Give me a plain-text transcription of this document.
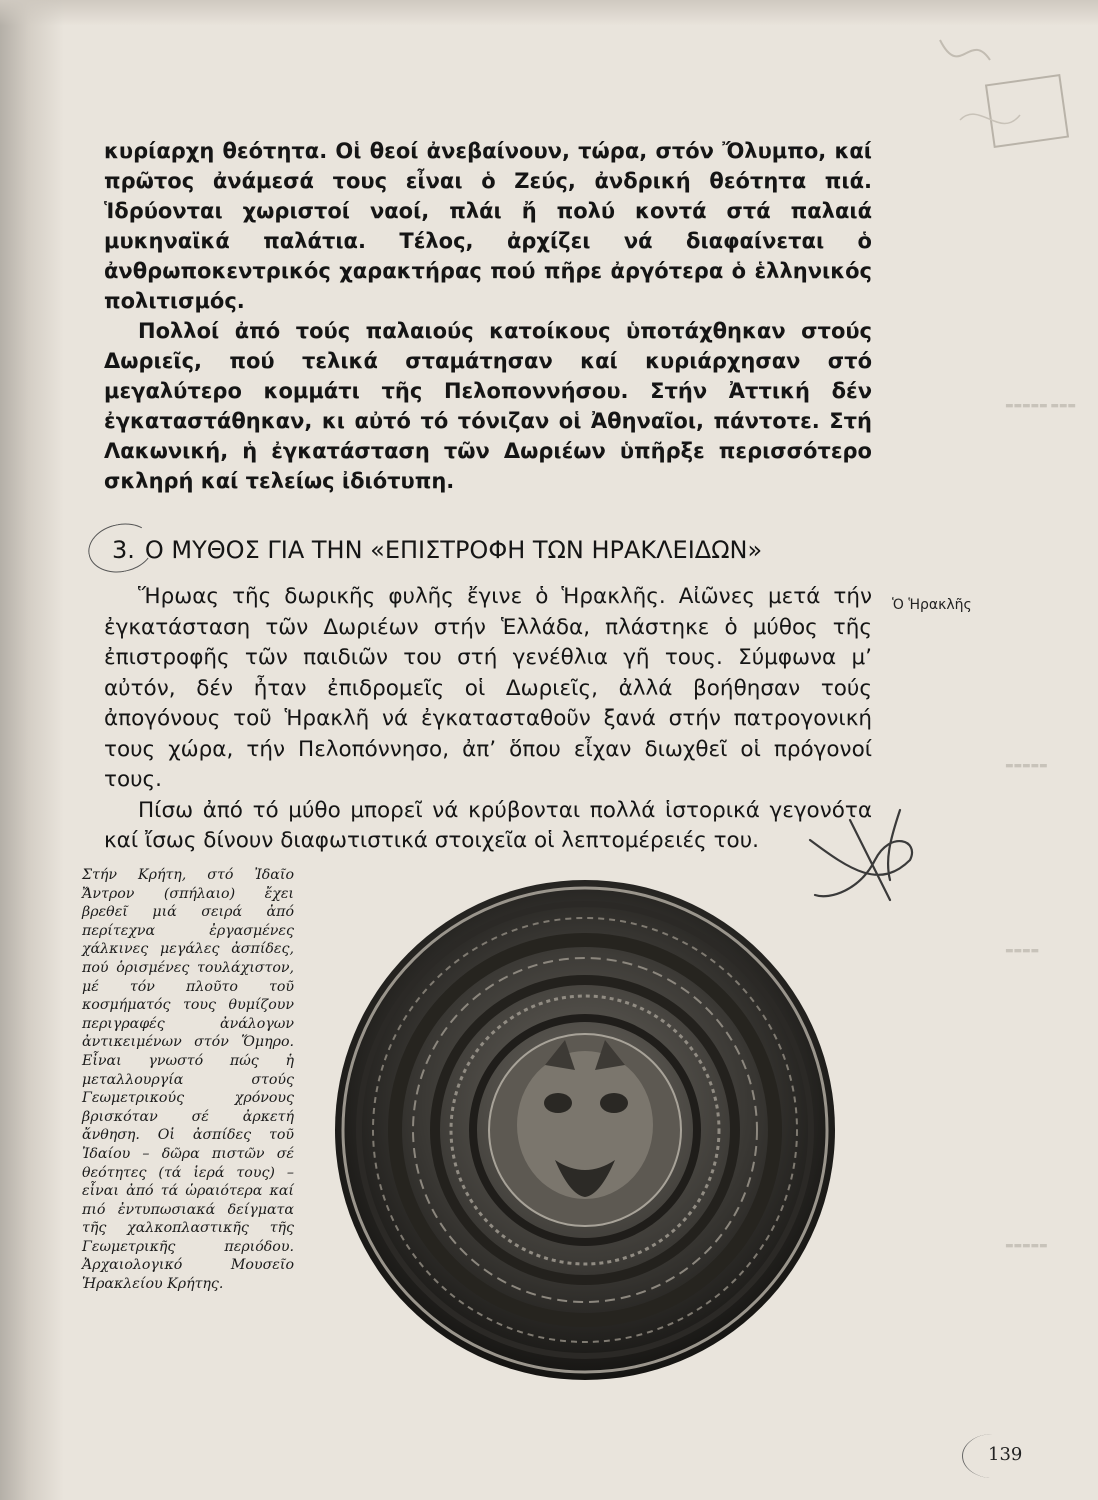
▬▬▬▬▬ ▬▬▬
▬▬▬▬▬
▬▬▬▬
▬▬▬▬▬

κυρίαρχη θεότητα. Οἱ θεοί ἀνεβαίνουν, τώρα, στόν Ὄλυμπο, καί πρῶτος ἀνάμεσά τους εἶναι ὁ Ζεύς, ἀνδρική θεότητα πιά. Ἱδρύονται χωριστοί ναοί, πλάι ἤ πολύ κοντά στά παλαιά μυκηναϊκά παλάτια. Τέλος, ἀρχίζει νά διαφαίνεται ὁ ἀνθρωποκεντρικός χαρακτήρας πού πῆρε ἀργότερα ὁ ἑλληνικός πολιτισμός.

Πολλοί ἀπό τούς παλαιούς κατοίκους ὑποτάχθηκαν στούς Δωριεῖς, πού τελικά σταμάτησαν καί κυριάρχησαν στό μεγαλύτερο κομμάτι τῆς Πελοποννήσου. Στήν Ἀττική δέν ἐγκαταστάθηκαν, κι αὐτό τό τόνιζαν οἱ Ἀθηναῖοι, πάντοτε. Στή Λακωνική, ἡ ἐγκατάσταση τῶν Δωριέων ὑπῆρξε περισσότερο σκληρή καί τελείως ἰδιότυπη.

3. Ο ΜΥΘΟΣ ΓΙΑ ΤΗΝ «ΕΠΙΣΤΡΟΦΗ ΤΩΝ ΗΡΑΚΛΕΙΔΩΝ»
Ὁ Ἡρακλῆς

Ἥρωας τῆς δωρικῆς φυλῆς ἔγινε ὁ Ἡρακλῆς. Αἰῶνες μετά τήν ἐγκατάσταση τῶν Δωριέων στήν Ἑλλάδα, πλάστηκε ὁ μύθος τῆς ἐπιστροφῆς τῶν παιδιῶν του στή γενέθλια γῆ τους. Σύμφωνα μ’ αὐτόν, δέν ἦταν ἐπιδρομεῖς οἱ Δωριεῖς, ἀλλά βοήθησαν τούς ἀπογόνους τοῦ Ἡρακλῆ νά ἐγκατασταθοῦν ξανά στήν πατρογονική τους χώρα, τήν Πελοπόννησο, ἀπ’ ὅπου εἶχαν διωχθεῖ οἱ πρόγονοί τους.

Πίσω ἀπό τό μύθο μπορεῖ νά κρύβονται πολλά ἱστορικά γεγονότα καί ἴσως δίνουν διαφωτιστικά στοιχεῖα οἱ λεπτομέρειές του.

Στήν Κρήτη, στό Ἰδαῖο Ἄντρον (σπήλαιο) ἔχει βρεθεῖ μιά σειρά ἀπό περίτεχνα ἐργασμένες χάλκινες μεγάλες ἀσπίδες, πού ὁρισμένες τουλάχιστον, μέ τόν πλοῦτο τοῦ κοσμήματός τους θυμίζουν περιγραφές ἀνάλογων ἀντικειμένων στόν Ὅμηρο. Εἶναι γνωστό πώς ἡ μεταλλουργία στούς Γεωμετρικούς χρόνους βρισκόταν σέ ἀρκετή ἄνθηση. Οἱ ἀσπίδες τοῦ Ἰδαίου – δῶρα πιστῶν σέ θεότητες (τά ἱερά τους) – εἶναι ἀπό τά ὡραιότερα καί πιό ἐντυπωσιακά δείγματα τῆς χαλκοπλαστικῆς τῆς Γεωμετρικῆς περιόδου. Ἀρχαιολογικό Μουσεῖο Ἡρακλείου Κρήτης.
139
